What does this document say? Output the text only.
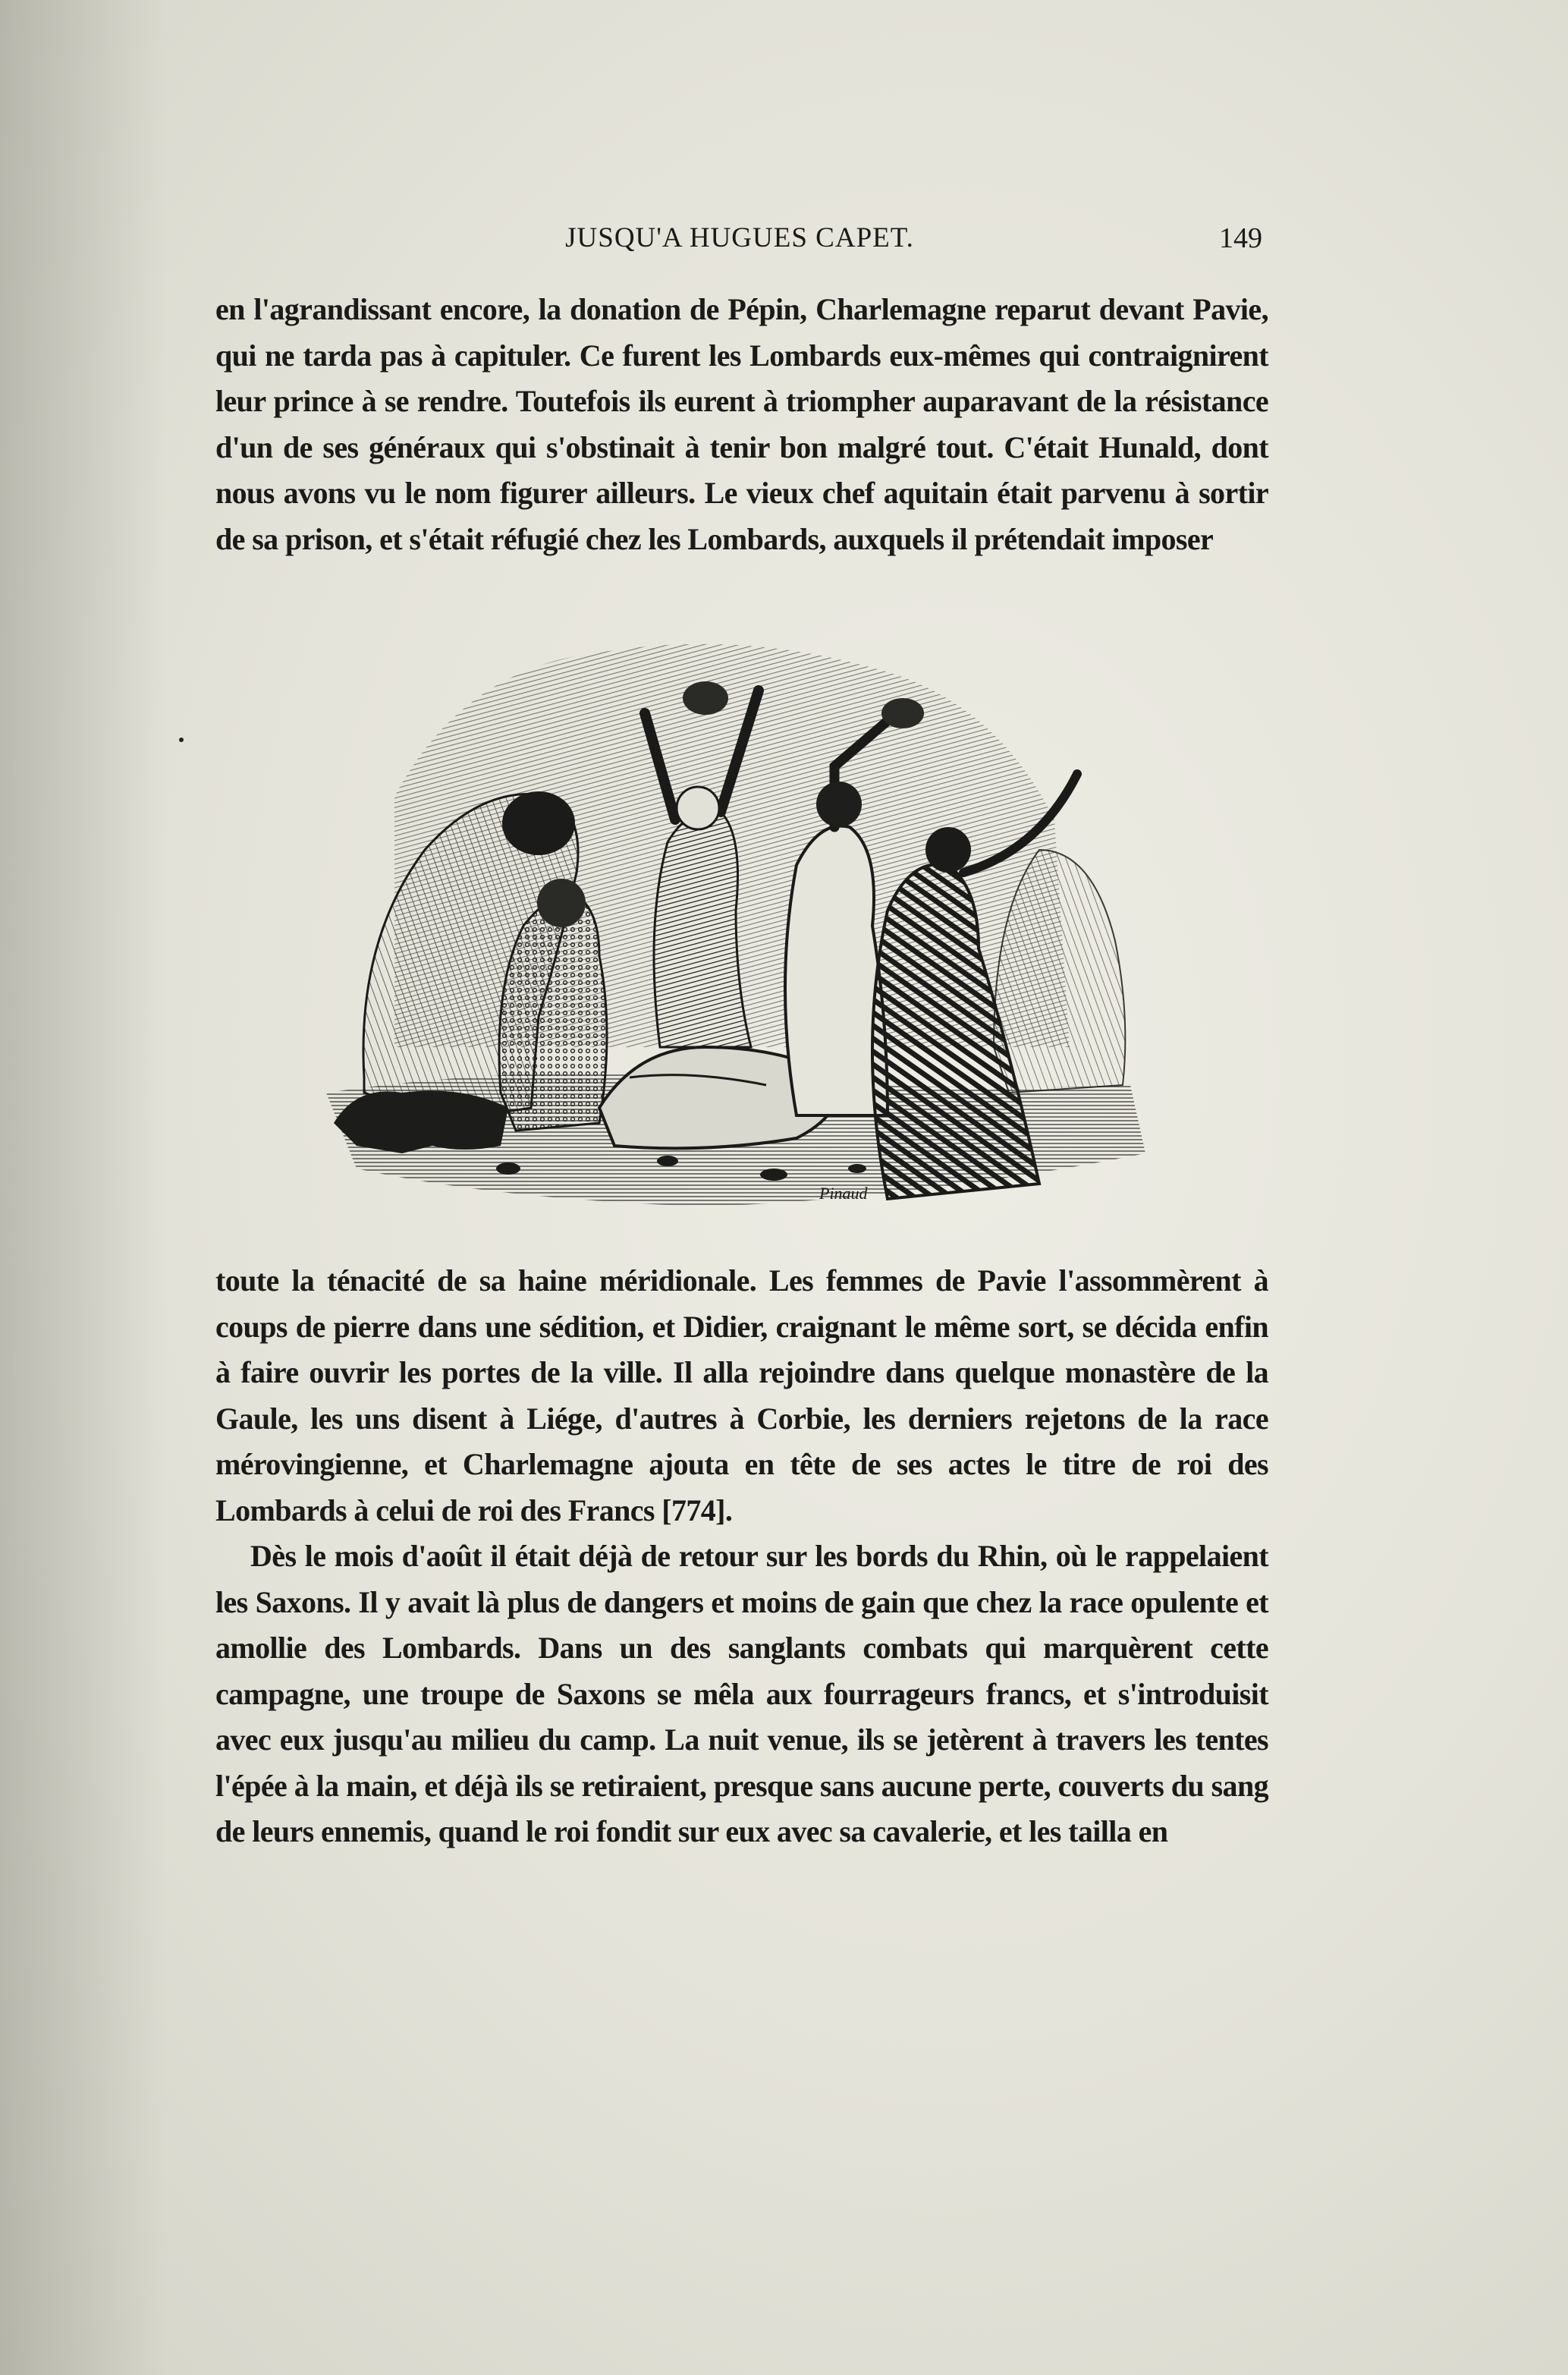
JUSQU'A HUGUES CAPET.	149

en l'agrandissant encore, la donation de Pépin, Charlemagne reparut devant Pavie, qui ne tarda pas à capituler. Ce furent les Lombards eux-mêmes qui contraignirent leur prince à se rendre. Toutefois ils eurent à triompher auparavant de la résistance d'un de ses généraux qui s'obstinait à tenir bon malgré tout. C'était Hunald, dont nous avons vu le nom figurer ailleurs. Le vieux chef aquitain était parvenu à sortir de sa prison, et s'était réfugié chez les Lombards, auxquels il prétendait imposer

Pinaud

toute la ténacité de sa haine méridionale. Les femmes de Pavie l'assommèrent à coups de pierre dans une sédition, et Didier, craignant le même sort, se décida enfin à faire ouvrir les portes de la ville. Il alla rejoindre dans quelque monastère de la Gaule, les uns disent à Liége, d'autres à Corbie, les derniers rejetons de la race mérovingienne, et Charlemagne ajouta en tête de ses actes le titre de roi des Lombards à celui de roi des Francs [774].

Dès le mois d'août il était déjà de retour sur les bords du Rhin, où le rappelaient les Saxons. Il y avait là plus de dangers et moins de gain que chez la race opulente et amollie des Lombards. Dans un des sanglants combats qui marquèrent cette campagne, une troupe de Saxons se mêla aux fourrageurs francs, et s'introduisit avec eux jusqu'au milieu du camp. La nuit venue, ils se jetèrent à travers les tentes l'épée à la main, et déjà ils se retiraient, presque sans aucune perte, couverts du sang de leurs ennemis, quand le roi fondit sur eux avec sa cavalerie, et les tailla en
